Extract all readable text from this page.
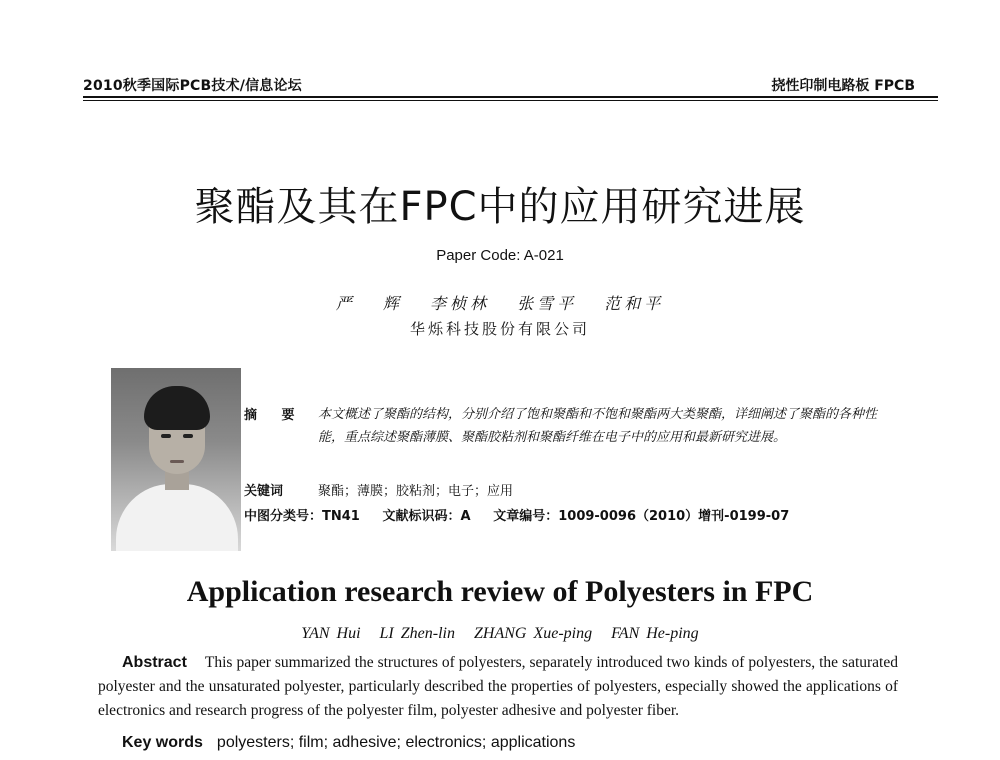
2010秋季国际PCB技术/信息论坛	挠性印制电路板 FPCB
聚酯及其在FPC中的应用研究进展
Paper Code: A-021
严 辉 李桢林 张雪平 范和平
华烁科技股份有限公司
摘 要 本文概述了聚酯的结构，分别介绍了饱和聚酯和不饱和聚酯两大类聚酯，详细阐述了聚酯的各种性能，重点综述聚酯薄膜、聚酯胶粘剂和聚酯纤维在电子中的应用和最新研究进展。
关键词	聚酯；薄膜；胶粘剂；电子；应用
中图分类号：TN41 文献标识码：A 文章编号：1009-0096（2010）增刊-0199-07
Application research review of Polyesters in FPC
YAN Hui LI Zhen-lin ZHANG Xue-ping FAN He-ping
Abstract This paper summarized the structures of polyesters, separately introduced two kinds of polyesters, the saturated polyester and the unsaturated polyester, particularly described the properties of polyesters, especially showed the applications of electronics and research progress of the polyester film, polyester adhesive and polyester fiber.
Key words polyesters; film; adhesive; electronics; applications
